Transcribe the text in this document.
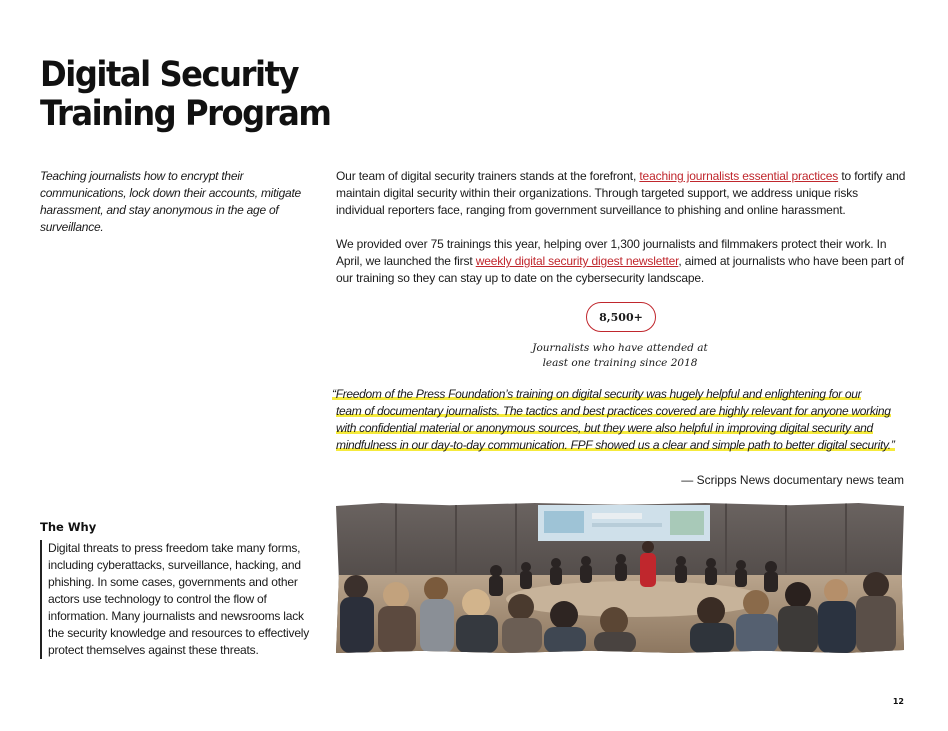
Digital Security
Training Program
Teaching journalists how to encrypt their communications, lock down their accounts, mitigate harassment, and stay anonymous in the age of surveillance.
Our team of digital security trainers stands at the forefront, teaching journalists essential practices to fortify and maintain digital security within their organizations. Through targeted support, we address unique risks individual reporters face, ranging from government surveillance to phishing and online harassment.
We provided over 75 trainings this year, helping over 1,300 journalists and filmmakers protect their work. In April, we launched the first weekly digital security digest newsletter, aimed at journalists who have been part of our training so they can stay up to date on the cybersecurity landscape.
8,500+
Journalists who have attended at
least one training since 2018
“Freedom of the Press Foundation’s training on digital security was hugely helpful and enlightening for our
team of documentary journalists. The tactics and best practices covered are highly relevant for anyone working
with confidential material or anonymous sources, but they were also helpful in improving digital security and
mindfulness in our day-to-day communication. FPF showed us a clear and simple path to better digital security.”
— Scripps News documentary news team
The Why
Digital threats to press freedom take many forms, including cyberattacks, surveillance, hacking, and phishing. In some cases, governments and other actors use technology to control the flow of information. Many journalists and newsrooms lack the security knowledge and resources to effectively protect themselves against these threats.
12
